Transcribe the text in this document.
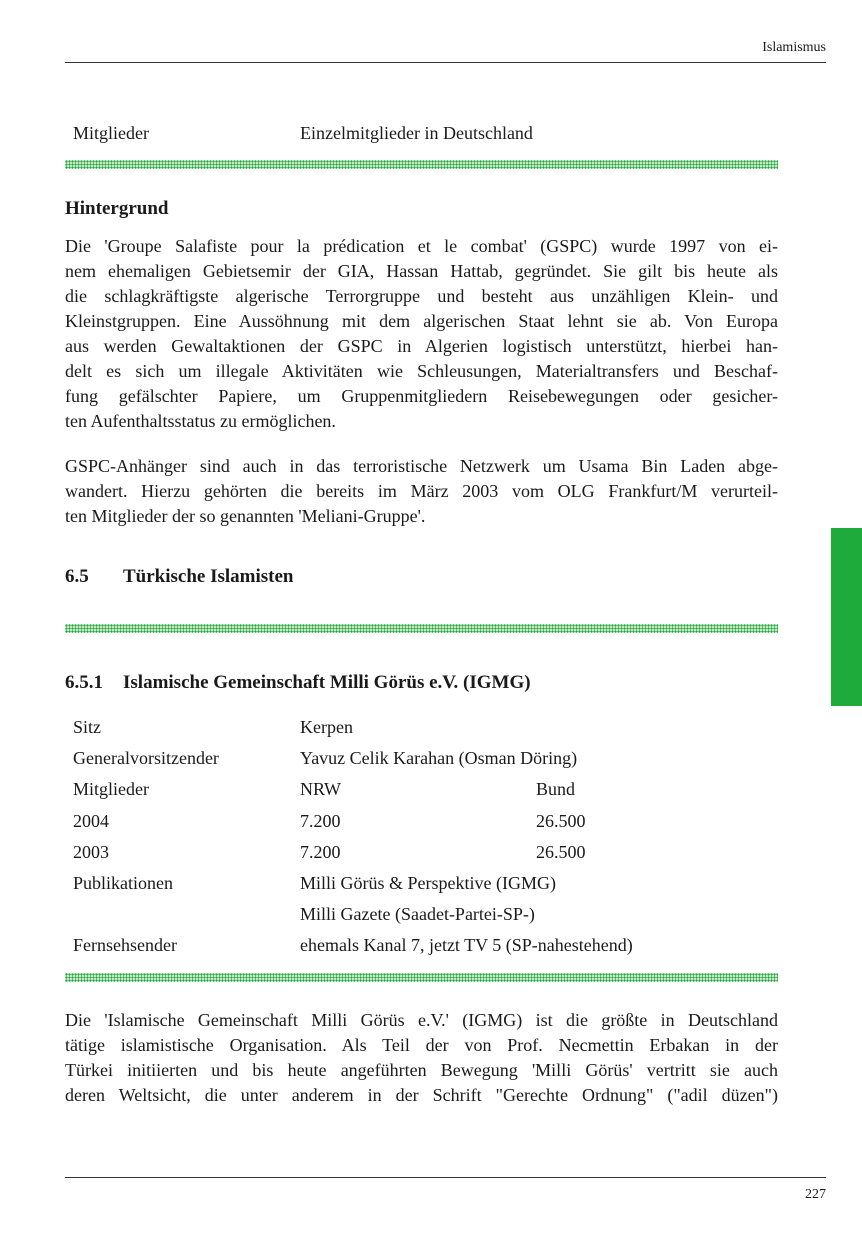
Islamismus
Mitglieder	Einzelmitglieder in Deutschland
Hintergrund
Die 'Groupe Salafiste pour la prédication et le combat' (GSPC) wurde 1997 von ei-
nem ehemaligen Gebietsemir der GIA, Hassan Hattab, gegründet. Sie gilt bis heute als
die schlagkräftigste algerische Terrorgruppe und besteht aus unzähligen Klein- und
Kleinstgruppen. Eine Aussöhnung mit dem algerischen Staat lehnt sie ab. Von Europa
aus werden Gewaltaktionen der GSPC in Algerien logistisch unterstützt, hierbei han-
delt es sich um illegale Aktivitäten wie Schleusungen, Materialtransfers und Beschaf-
fung gefälschter Papiere, um Gruppenmitgliedern Reisebewegungen oder gesicher-
ten Aufenthaltsstatus zu ermöglichen.
GSPC-Anhänger sind auch in das terroristische Netzwerk um Usama Bin Laden abge-
wandert. Hierzu gehörten die bereits im März 2003 vom OLG Frankfurt/M verurteil-
ten Mitglieder der so genannten 'Meliani-Gruppe'.
6.5 Türkische Islamisten
6.5.1 Islamische Gemeinschaft Milli Görüs e.V. (IGMG)
Sitz	Kerpen
Generalvorsitzender	Yavuz Celik Karahan (Osman Döring)
Mitglieder	NRW	Bund
2004	7.200	26.500
2003	7.200	26.500
Publikationen	Milli Görüs & Perspektive (IGMG)
Milli Gazete (Saadet-Partei-SP-)
Fernsehsender	ehemals Kanal 7, jetzt TV 5 (SP-nahestehend)
Die 'Islamische Gemeinschaft Milli Görüs e.V.' (IGMG) ist die größte in Deutschland
tätige islamistische Organisation. Als Teil der von Prof. Necmettin Erbakan in der
Türkei initiierten und bis heute angeführten Bewegung 'Milli Görüs' vertritt sie auch
deren Weltsicht, die unter anderem in der Schrift "Gerechte Ordnung" ("adil düzen")
227
